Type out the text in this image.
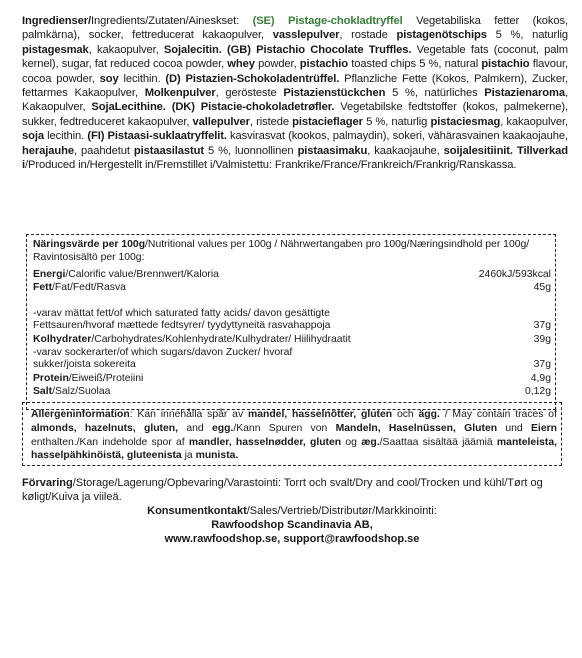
Ingredienser/Ingredients/Zutaten/Aineskset: (SE) Pistage-chokladtryffel Vegetabiliska fetter (kokos, palmkärna), socker, fettreducerat kakaopulver, vasslepulver, rostade pistagenötschips 5 %, naturlig pistagesmak, kakaopulver, Sojalecitin. (GB) Pistachio Chocolate Truffles. Vegetable fats (coconut, palm kernel), sugar, fat reduced cocoa powder, whey powder, pistachio toasted chips 5 %, natural pistachio flavour, cocoa powder, soy lecithin. (D) Pistazien-Schokoladentrüffel. Pflanzliche Fette (Kokos, Palmkern), Zucker, fettarmes Kakaopulver, Molkenpulver, gerösteste Pistazienstückchen 5 %, natürliches Pistazienaroma, Kakaopulver, SojaLecithine. (DK) Pistacie-chokoladetrøfler. Vegetabilske fedtstoffer (kokos, palmekerne), sukker, fedtreduceret kakaopulver, vallepulver, ristede pistacieflager 5 %, naturlig pistaciesmag, kakaopulver, soja lecithin. (FI) Pistaasi-suklaatryffelit. kasvirasvat (kookos, palmaydin), sokeri, vähärasvainen kaakaojauhe, herajauhe, paahdetut pistaasilastut 5 %, luonnollinen pistaasimaku, kaakaojauhe, soijalesitiinit. Tillverkad i/Produced in/Hergestellt in/Fremstillet i/Valmistettu: Frankrike/France/Frankreich/Frankrig/Ranskassa.
Näringsvärde per 100g/Nutritional values per 100g / Nährwertangaben pro 100g/Næringsindhold per 100g/ Ravintosisältö per 100g:
Energi/Calorific value/Brennwert/Kaloria	2460kJ/593kcal
Fett/Fat/Fedt/Rasva	45g
-varav mättat fett/of which saturated fatty acids/ davon gesättigte Fettsauren/hvoraf mættede fedtsyrer/ tyydyttyneitä rasvahappoja	37g
Kolhydrater/Carbohydrates/Kohlenhydrate/Kulhydrater/ Hiilihydraatit	39g
-varav sockerarter/of which sugars/davon Zucker/ hvoraf sukker/joista sokereita	37g
Protein/Eiweiß/Proteiini	4,9g
Salt/Salz/Suolaa	0,12g
Allergeninformation: Kan innehålla spår av mandel, hasselnötter, gluten och ägg. / May contain traces of almonds, hazelnuts, gluten, and egg./Kann Spuren von Mandeln, Haselnüssen, Gluten und Eiern enthalten./Kan indeholde spor af mandler, hasselnødder, gluten og æg./Saattaa sisältää jäämiä manteleista, hasselpähkinöistä, gluteenista ja munista.
Förvaring/Storage/Lagerung/Opbevaring/Varastointi: Torrt och svalt/Dry and cool/Trocken und kühl/Tørt og køligt/Kuiva ja viileä.
Konsumentkontakt/Sales/Vertrieb/Distributør/Markkinointi:
Rawfoodshop Scandinavia AB,
www.rawfoodshop.se, support@rawfoodshop.se
